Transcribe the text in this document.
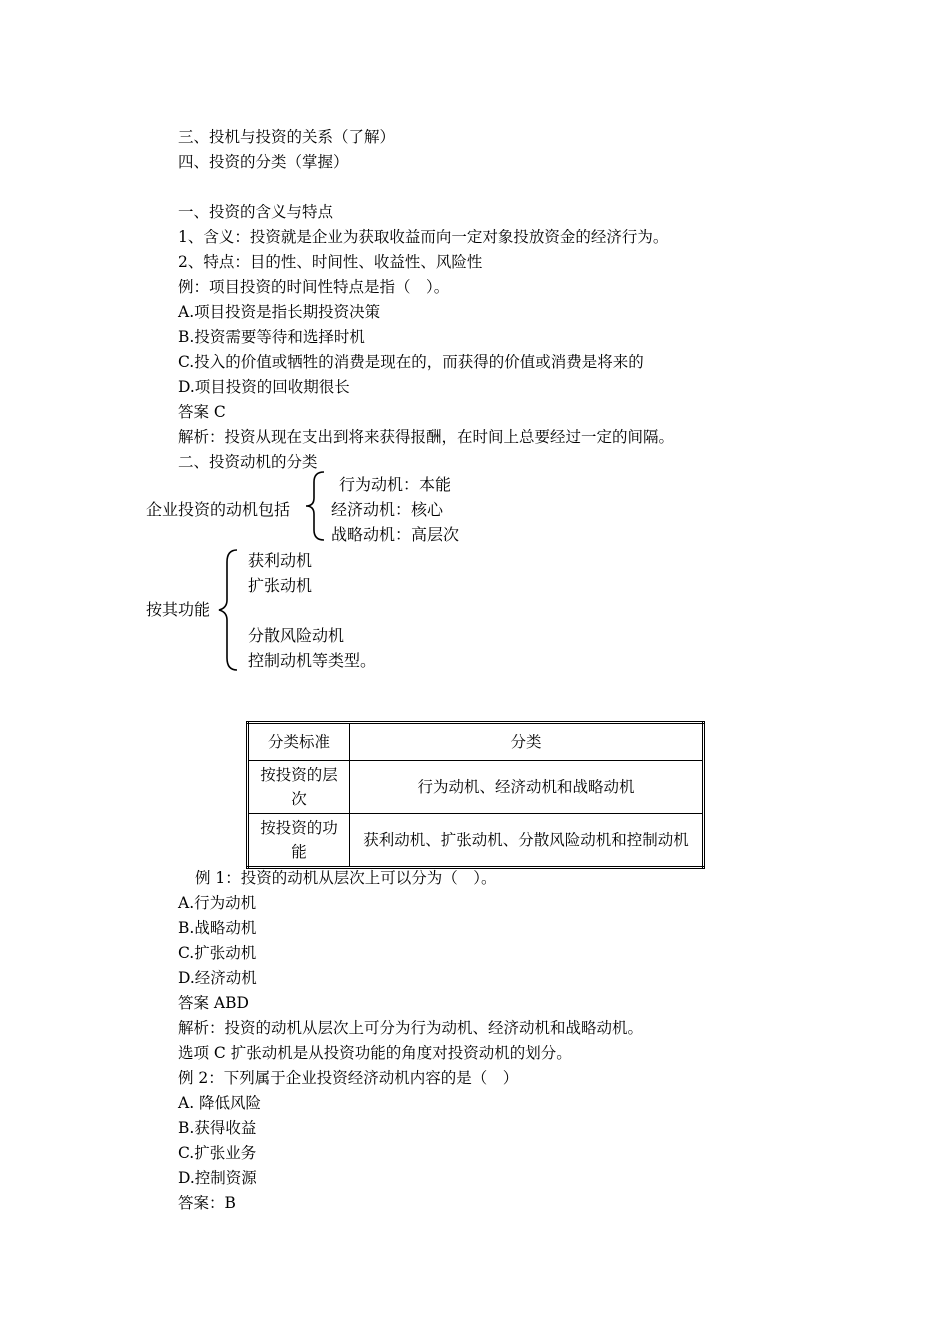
三、投机与投资的关系（了解）
四、投资的分类（掌握）
一、投资的含义与特点
1、含义：投资就是企业为获取收益而向一定对象投放资金的经济行为。
2、特点：目的性、时间性、收益性、风险性
例：项目投资的时间性特点是指（　）。
A.项目投资是指长期投资决策
B.投资需要等待和选择时机
C.投入的价值或牺牲的消费是现在的，而获得的价值或消费是将来的
D.项目投资的回收期很长
答案 C
解析：投资从现在支出到将来获得报酬，在时间上总要经过一定的间隔。
二、投资动机的分类
企业投资的动机包括
行为动机：本能
经济动机：核心
战略动机：高层次
按其功能
获利动机
扩张动机
分散风险动机
控制动机等类型。
分类标准	分类
按投资的层次	行为动机、经济动机和战略动机
按投资的功能	获利动机、扩张动机、分散风险动机和控制动机
例 1：投资的动机从层次上可以分为（　）。
A.行为动机
B.战略动机
C.扩张动机
D.经济动机
答案 ABD
解析：投资的动机从层次上可分为行为动机、经济动机和战略动机。
选项 C 扩张动机是从投资功能的角度对投资动机的划分。
例 2：下列属于企业投资经济动机内容的是（　）
A. 降低风险
B.获得收益
C.扩张业务
D.控制资源
答案：B
